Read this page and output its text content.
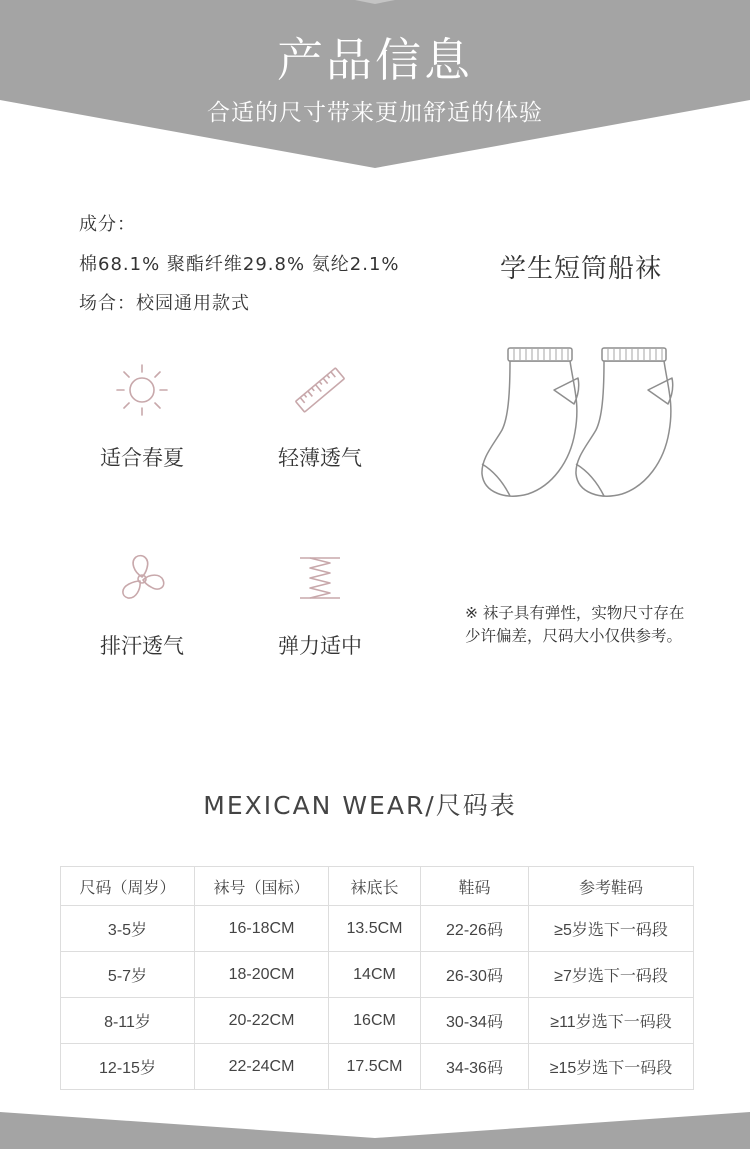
产品信息
合适的尺寸带来更加舒适的体验
成分：
棉68.1% 聚酯纤维29.8% 氨纶2.1%
场合：校园通用款式
学生短筒船袜
适合春夏	轻薄透气
排汗透气	弹力适中
※ 袜子具有弹性，实物尺寸存在少许偏差，尺码大小仅供参考。
MEXICAN WEAR/尺码表
尺码（周岁）	袜号（国标）	袜底长	鞋码	参考鞋码
3-5岁	16-18CM	13.5CM	22-26码	≥5岁选下一码段
5-7岁	18-20CM	14CM	26-30码	≥7岁选下一码段
8-11岁	20-22CM	16CM	30-34码	≥11岁选下一码段
12-15岁	22-24CM	17.5CM	34-36码	≥15岁选下一码段
